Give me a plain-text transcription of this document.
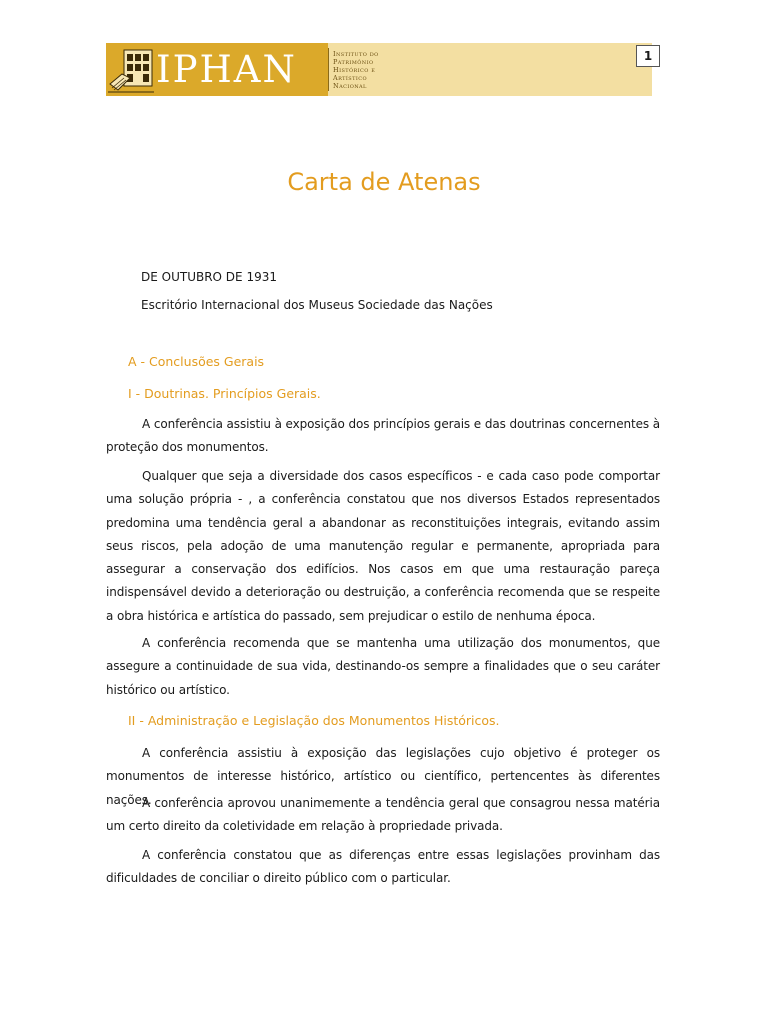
IPHAN	Instituto do
Patrimônio
Histórico e
Artístico
Nacional
1
Carta de Atenas

DE OUTUBRO DE 1931

Escritório Internacional dos Museus Sociedade das Nações

A - Conclusões Gerais
I - Doutrinas. Princípios Gerais.

A conferência assistiu à exposição dos princípios gerais e das doutrinas concernentes à proteção dos monumentos.

Qualquer que seja a diversidade dos casos específicos - e cada caso pode comportar uma solução própria - , a conferência constatou que nos diversos Estados representados predomina uma tendência geral a abandonar as reconstituições integrais, evitando assim seus riscos, pela adoção de uma manutenção regular e permanente, apropriada para assegurar a conservação dos edifícios. Nos casos em que uma restauração pareça indispensável devido a deterioração ou destruição, a conferência recomenda que se respeite a obra histórica e artística do passado, sem prejudicar o estilo de nenhuma época.

A conferência recomenda que se mantenha uma utilização dos monumentos, que assegure a continuidade de sua vida, destinando-os sempre a finalidades que o seu caráter histórico ou artístico.

II - Administração e Legislação dos Monumentos Históricos.

A conferência assistiu à exposição das legislações cujo objetivo é proteger os monumentos de interesse histórico, artístico ou científico, pertencentes às diferentes nações.

A conferência aprovou unanimemente a tendência geral que consagrou nessa matéria um certo direito da coletividade em relação à propriedade privada.

A conferência constatou que as diferenças entre essas legislações provinham das dificuldades de conciliar o direito público com o particular.
